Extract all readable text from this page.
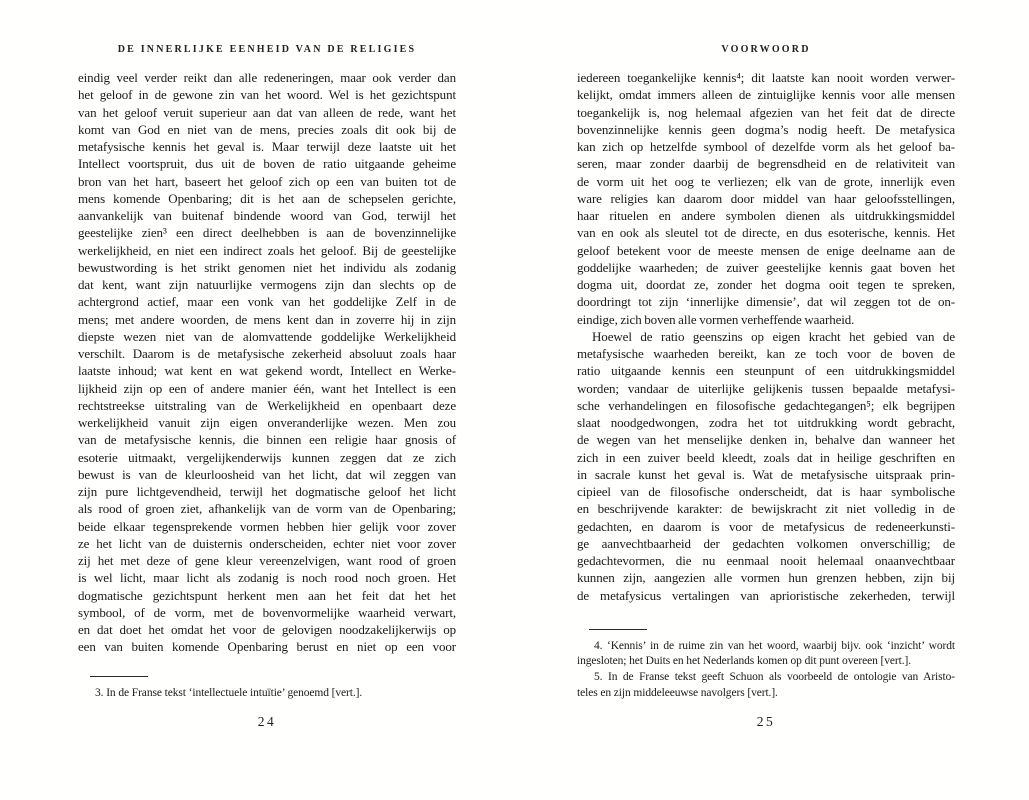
DE INNERLIJKE EENHEID VAN DE RELIGIES
eindig veel verder reikt dan alle redeneringen, maar ook verder dan
het geloof in de gewone zin van het woord. Wel is het gezichtspunt
van het geloof veruit superieur aan dat van alleen de rede, want het
komt van God en niet van de mens, precies zoals dit ook bij de
metafysische kennis het geval is. Maar terwijl deze laatste uit het
Intellect voortspruit, dus uit de boven de ratio uitgaande geheime
bron van het hart, baseert het geloof zich op een van buiten tot de
mens komende Openbaring; dit is het aan de schepselen gerichte,
aanvankelijk van buitenaf bindende woord van God, terwijl het
geestelijke zien³ een direct deelhebben is aan de bovenzinnelijke
werkelijkheid, en niet een indirect zoals het geloof. Bij de geestelijke
bewustwording is het strikt genomen niet het individu als zodanig
dat kent, want zijn natuurlijke vermogens zijn dan slechts op de
achtergrond actief, maar een vonk van het goddelijke Zelf in de
mens; met andere woorden, de mens kent dan in zoverre hij in zijn
diepste wezen niet van de alomvattende goddelijke Werkelijkheid
verschilt. Daarom is de metafysische zekerheid absoluut zoals haar
laatste inhoud; wat kent en wat gekend wordt, Intellect en Werke-
lijkheid zijn op een of andere manier één, want het Intellect is een
rechtstreekse uitstraling van de Werkelijkheid en openbaart deze
werkelijkheid vanuit zijn eigen onveranderlijke wezen. Men zou
van de metafysische kennis, die binnen een religie haar gnosis of
esoterie uitmaakt, vergelijkenderwijs kunnen zeggen dat ze zich
bewust is van de kleurloosheid van het licht, dat wil zeggen van
zijn pure lichtgevendheid, terwijl het dogmatische geloof het licht
als rood of groen ziet, afhankelijk van de vorm van de Openbaring;
beide elkaar tegensprekende vormen hebben hier gelijk voor zover
ze het licht van de duisternis onderscheiden, echter niet voor zover
zij het met deze of gene kleur vereenzelvigen, want rood of groen
is wel licht, maar licht als zodanig is noch rood noch groen. Het
dogmatische gezichtspunt herkent men aan het feit dat het het
symbool, of de vorm, met de bovenvormelijke waarheid verwart,
en dat doet het omdat het voor de gelovigen noodzakelijkerwijs op
een van buiten komende Openbaring berust en niet op een voor
3. In de Franse tekst ‘intellectuele intuïtie’ genoemd [vert.].
24
VOORWOORD
iedereen toegankelijke kennis⁴; dit laatste kan nooit worden verwer-
kelijkt, omdat immers alleen de zintuiglijke kennis voor alle mensen
toegankelijk is, nog helemaal afgezien van het feit dat de directe
bovenzinnelijke kennis geen dogma’s nodig heeft. De metafysica
kan zich op hetzelfde symbool of dezelfde vorm als het geloof ba-
seren, maar zonder daarbij de begrensdheid en de relativiteit van
de vorm uit het oog te verliezen; elk van de grote, innerlijk even
ware religies kan daarom door middel van haar geloofsstellingen,
haar rituelen en andere symbolen dienen als uitdrukkingsmiddel
van en ook als sleutel tot de directe, en dus esoterische, kennis. Het
geloof betekent voor de meeste mensen de enige deelname aan de
goddelijke waarheden; de zuiver geestelijke kennis gaat boven het
dogma uit, doordat ze, zonder het dogma ooit tegen te spreken,
doordringt tot zijn ‘innerlijke dimensie’, dat wil zeggen tot de on-
eindige, zich boven alle vormen verheffende waarheid.
Hoewel de ratio geenszins op eigen kracht het gebied van de
metafysische waarheden bereikt, kan ze toch voor de boven de
ratio uitgaande kennis een steunpunt of een uitdrukkingsmiddel
worden; vandaar de uiterlijke gelijkenis tussen bepaalde metafysi-
sche verhandelingen en filosofische gedachtegangen⁵; elk begrijpen
slaat noodgedwongen, zodra het tot uitdrukking wordt gebracht,
de wegen van het menselijke denken in, behalve dan wanneer het
zich in een zuiver beeld kleedt, zoals dat in heilige geschriften en
in sacrale kunst het geval is. Wat de metafysische uitspraak prin-
cipieel van de filosofische onderscheidt, dat is haar symbolische
en beschrijvende karakter: de bewijskracht zit niet volledig in de
gedachten, en daarom is voor de metafysicus de redeneerkunsti-
ge aanvechtbaarheid der gedachten volkomen onverschillig; de
gedachtevormen, die nu eenmaal nooit helemaal onaanvechtbaar
kunnen zijn, aangezien alle vormen hun grenzen hebben, zijn bij
de metafysicus vertalingen van aprioristische zekerheden, terwijl
4. ‘Kennis’ in de ruime zin van het woord, waarbij bijv. ook ‘inzicht’ wordt
ingesloten; het Duits en het Nederlands komen op dit punt overeen [vert.].
5. In de Franse tekst geeft Schuon als voorbeeld de ontologie van Aristo-
teles en zijn middeleeuwse navolgers [vert.].
25
